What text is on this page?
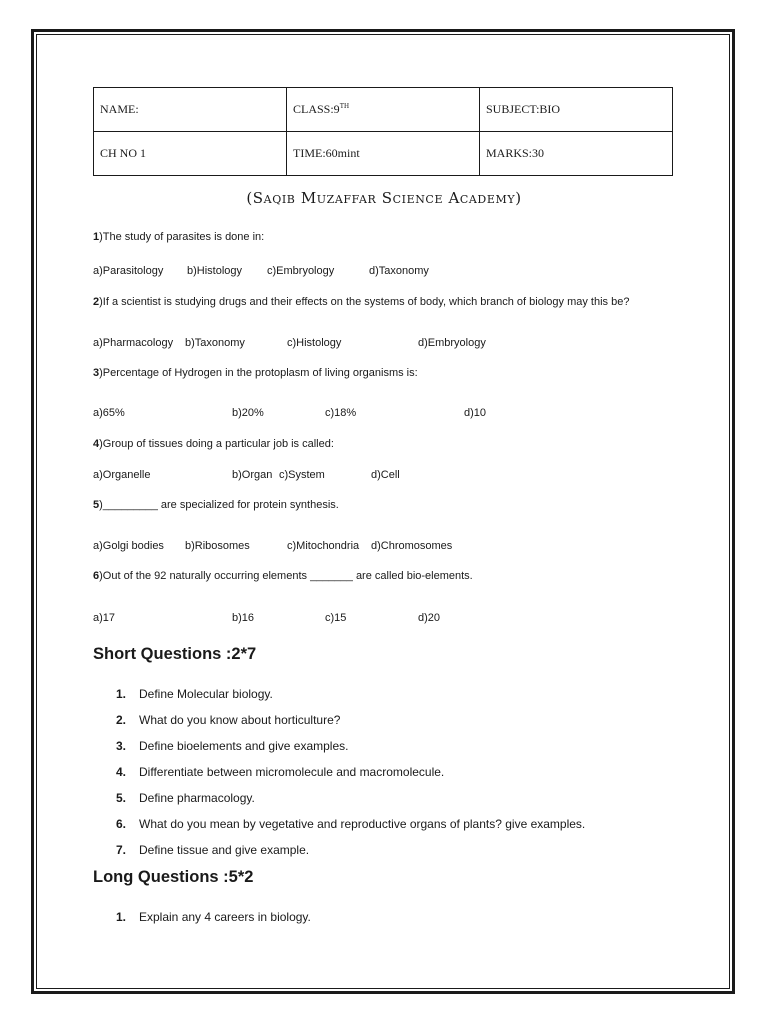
NAME:	CLASS:9TH	SUBJECT:BIO
CH NO 1	TIME:60mint	MARKS:30
(Saqib Muzaffar Science Academy)
1)The study of parasites is done in:
a)Parasitology b)Histology c)Embryology	d)Taxonomy
2)If a scientist is studying drugs and their effects on the systems of body, which branch of biology may this be?
a)Pharmacology b)Taxonomy	c)Histology	d)Embryology
3)Percentage of Hydrogen in the protoplasm of living organisms is:
a)65%	b)20%	c)18%	d)10
4)Group of tissues doing a particular job is called:
a)Organelle	b)Organ c)System	d)Cell
5)_________ are specialized for protein synthesis.
a)Golgi bodies b)Ribosomes	c)Mitochondria d)Chromosomes
6)Out of the 92 naturally occurring elements _______ are called bio-elements.
a)17	b)16	c)15	d)20
Short Questions :2*7
1. Define Molecular biology.
2. What do you know about horticulture?
3. Define bioelements and give examples.
4. Differentiate between micromolecule and macromolecule.
5. Define pharmacology.
6. What do you mean by vegetative and reproductive organs of plants? give examples.
7. Define tissue and give example.
Long Questions :5*2
1. Explain any 4 careers in biology.
